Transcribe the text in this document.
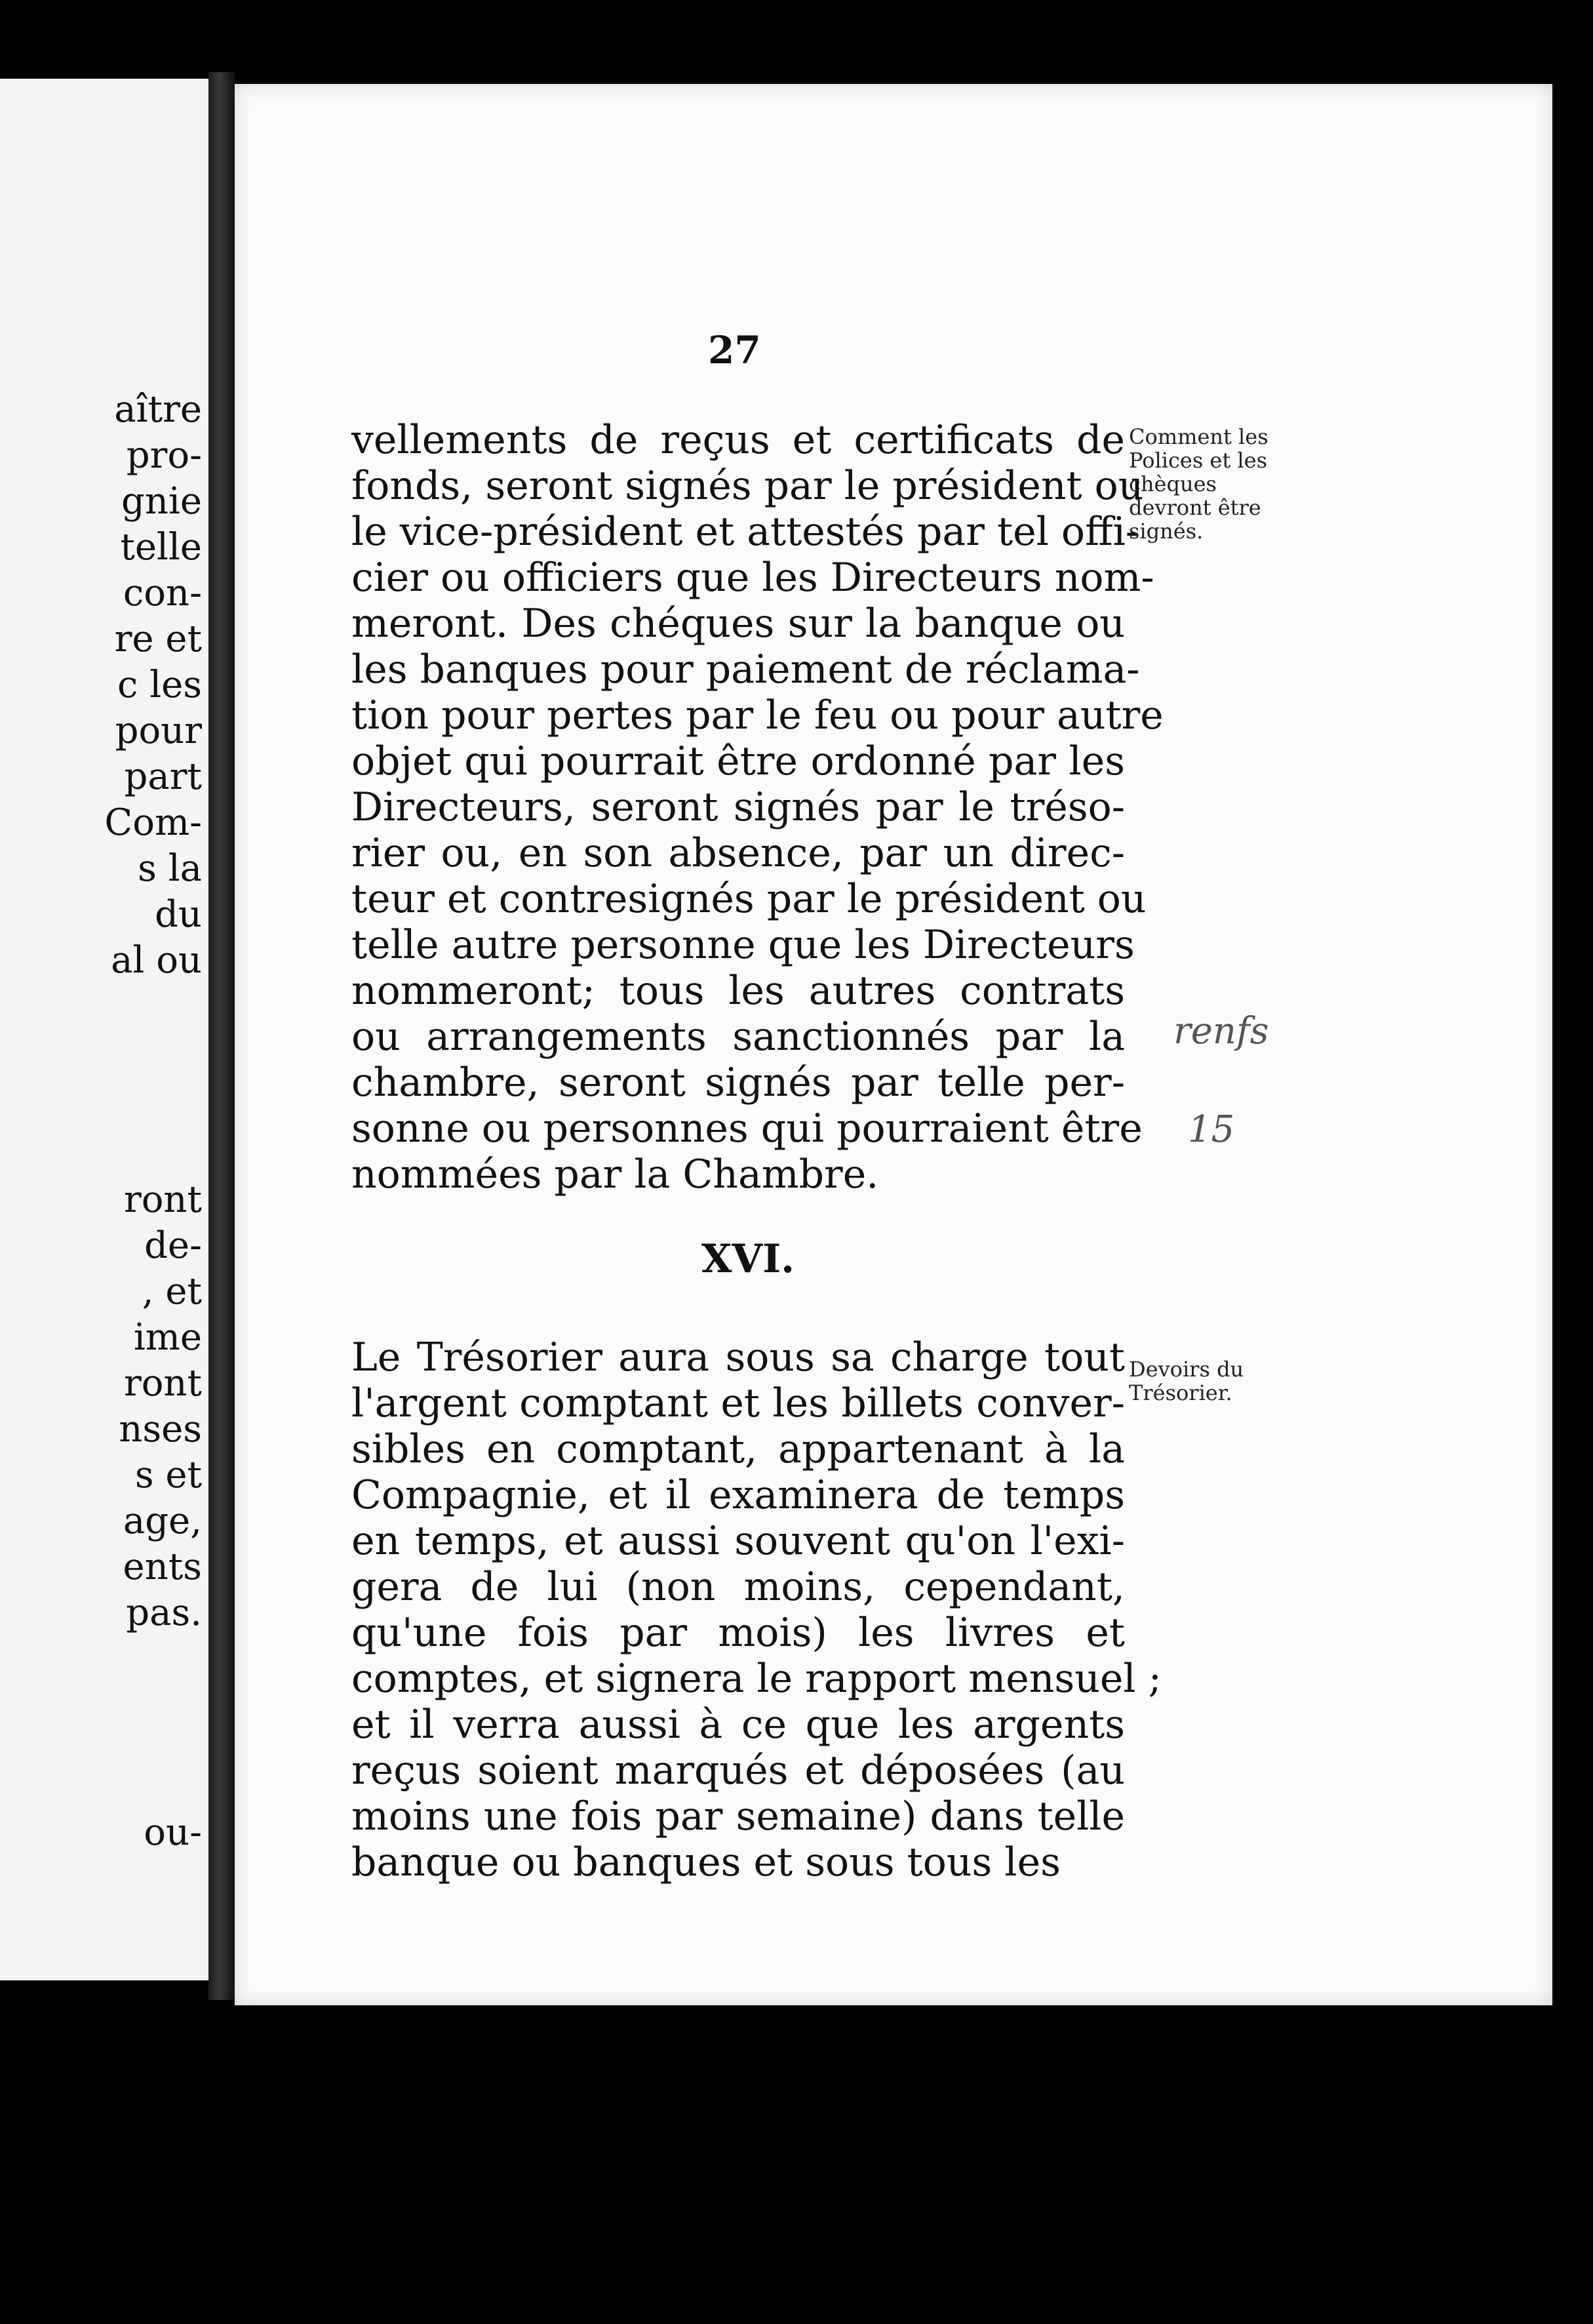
aître
pro-
gnie
telle
con-
re et
c les
pour
part
Com-
s la
du
al ou
ront
de-
, et
ime
ront
nses
s et
age,
ents
pas.
ou-
27
vellements de reçus et certificats de
fonds, seront signés par le président ou
le vice-président et attestés par tel offi-
cier ou officiers que les Directeurs nom-
meront. Des chéques sur la banque ou
les banques pour paiement de réclama-
tion pour pertes par le feu ou pour autre
objet qui pourrait être ordonné par les
Directeurs, seront signés par le tréso-
rier ou, en son absence, par un direc-
teur et contresignés par le président ou
telle autre personne que les Directeurs
nommeront; tous les autres contrats
ou arrangements sanctionnés par la
chambre, seront signés par telle per-
sonne ou personnes qui pourraient être
nommées par la Chambre.
Comment les
Polices et les
chèques
devront être
signés.
XVI.
Le Trésorier aura sous sa charge tout
l'argent comptant et les billets conver-
sibles en comptant, appartenant à la
Compagnie, et il examinera de temps
en temps, et aussi souvent qu'on l'exi-
gera de lui (non moins, cependant,
qu'une fois par mois) les livres et
comptes, et signera le rapport mensuel ;
et il verra aussi à ce que les argents
reçus soient marqués et déposées (au
moins une fois par semaine) dans telle
banque ou banques et sous tous les
Devoirs du
Trésorier.
renfs
15
